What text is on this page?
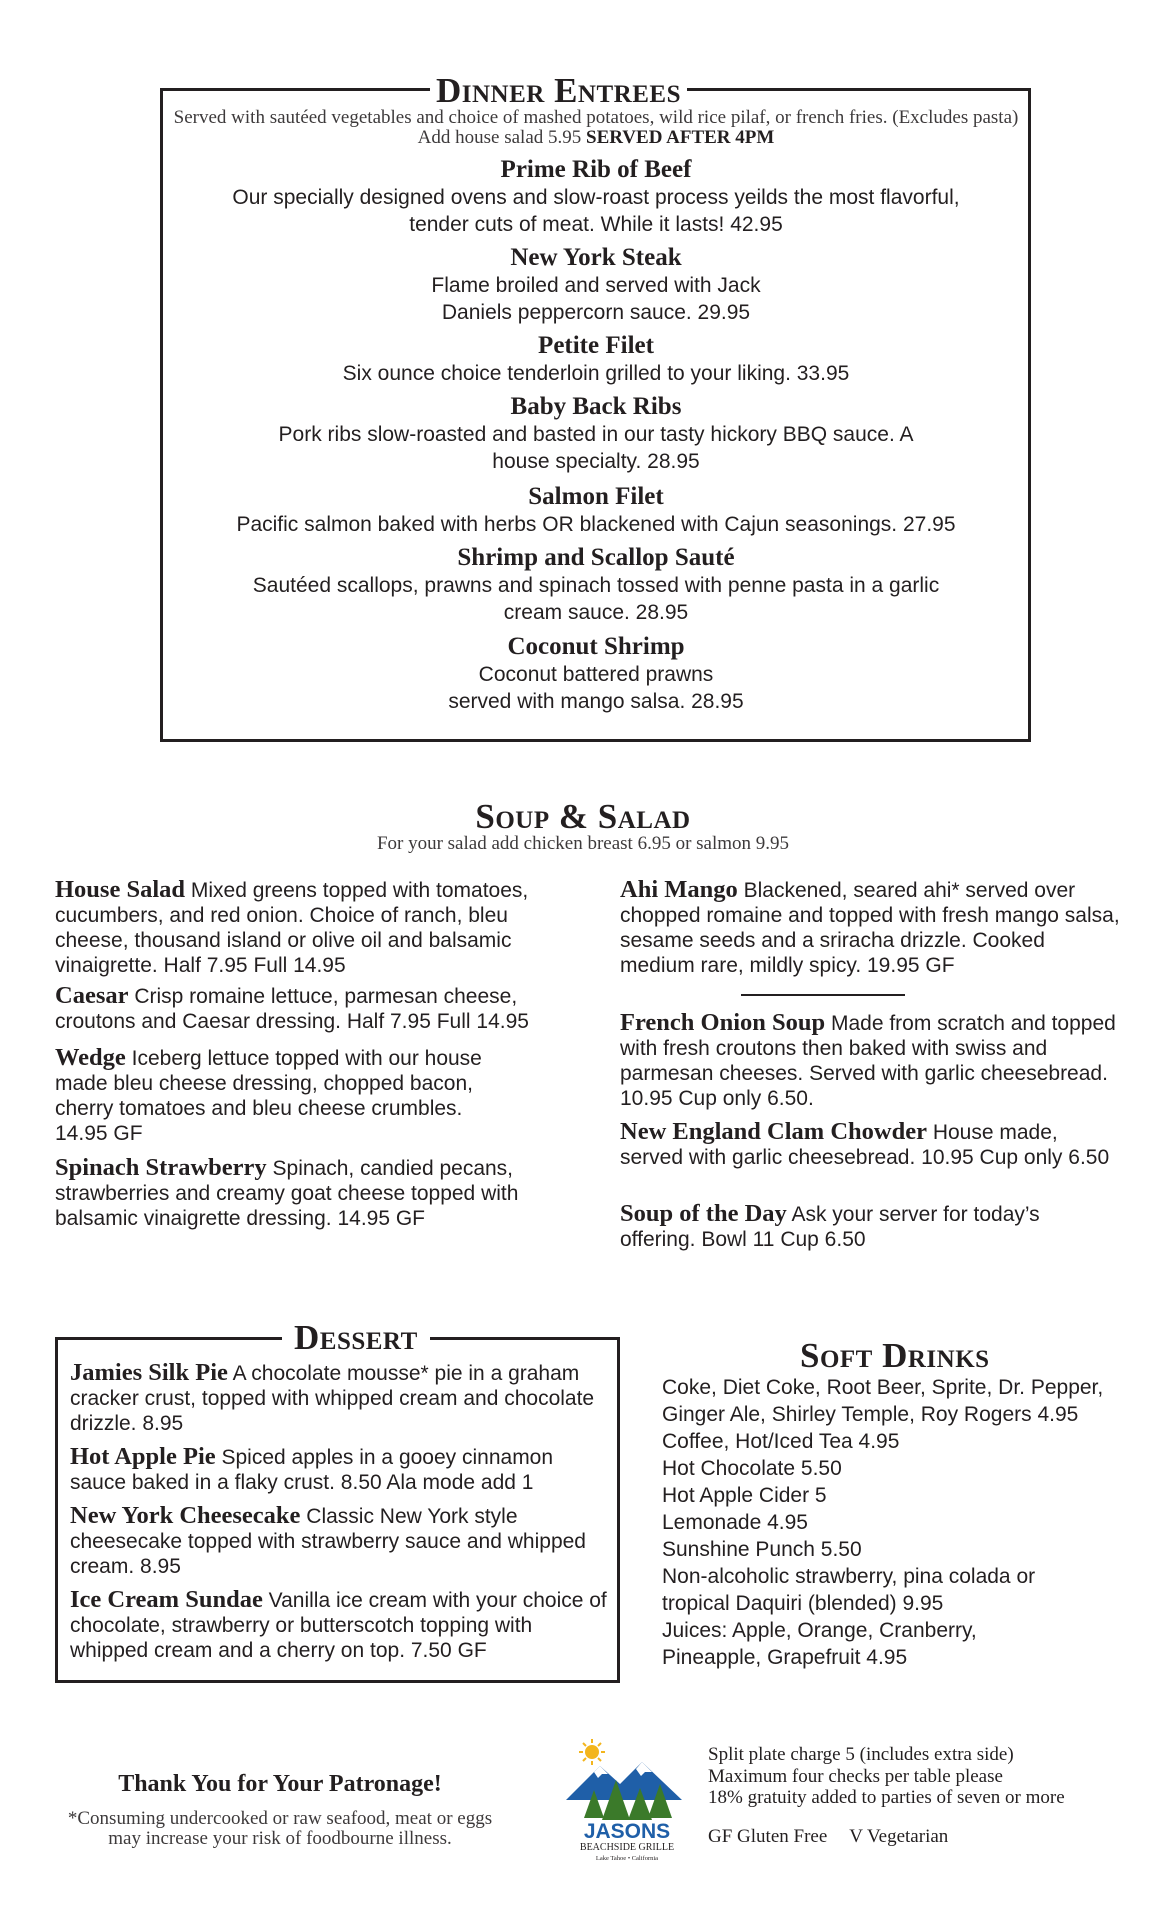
Dinner Entrees
Served with sautéed vegetables and choice of mashed potatoes, wild rice pilaf, or french fries. (Excludes pasta) Add house salad 5.95 SERVED AFTER 4PM
Prime Rib of Beef
Our specially designed ovens and slow-roast process yeilds the most flavorful, tender cuts of meat. While it lasts! 42.95
New York Steak
Flame broiled and served with Jack Daniels peppercorn sauce. 29.95
Petite Filet
Six ounce choice tenderloin grilled to your liking. 33.95
Baby Back Ribs
Pork ribs slow-roasted and basted in our tasty hickory BBQ sauce. A house specialty. 28.95
Salmon Filet
Pacific salmon baked with herbs OR blackened with Cajun seasonings. 27.95
Shrimp and Scallop Sauté
Sautéed scallops, prawns and spinach tossed with penne pasta in a garlic cream sauce. 28.95
Coconut Shrimp
Coconut battered prawns served with mango salsa. 28.95
Soup & Salad
For your salad add chicken breast 6.95 or salmon 9.95
House Salad Mixed greens topped with tomatoes, cucumbers, and red onion. Choice of ranch, bleu cheese, thousand island or olive oil and balsamic vinaigrette. Half 7.95 Full 14.95
Caesar Crisp romaine lettuce, parmesan cheese, croutons and Caesar dressing. Half 7.95 Full 14.95
Wedge Iceberg lettuce topped with our house made bleu cheese dressing, chopped bacon, cherry tomatoes and bleu cheese crumbles. 14.95 GF
Spinach Strawberry Spinach, candied pecans, strawberries and creamy goat cheese topped with balsamic vinaigrette dressing. 14.95 GF
Ahi Mango Blackened, seared ahi* served over chopped romaine and topped with fresh mango salsa, sesame seeds and a sriracha drizzle. Cooked medium rare, mildly spicy. 19.95 GF
French Onion Soup Made from scratch and topped with fresh croutons then baked with swiss and parmesan cheeses. Served with garlic cheesebread. 10.95 Cup only 6.50.
New England Clam Chowder House made, served with garlic cheesebread. 10.95 Cup only 6.50
Soup of the Day Ask your server for today’s offering. Bowl 11 Cup 6.50
Dessert
Jamies Silk Pie A chocolate mousse* pie in a graham cracker crust, topped with whipped cream and chocolate drizzle. 8.95
Hot Apple Pie Spiced apples in a gooey cinnamon sauce baked in a flaky crust. 8.50 Ala mode add 1
New York Cheesecake Classic New York style cheesecake topped with strawberry sauce and whipped cream. 8.95
Ice Cream Sundae Vanilla ice cream with your choice of chocolate, strawberry or butterscotch topping with whipped cream and a cherry on top. 7.50 GF
Soft Drinks
Coke, Diet Coke, Root Beer, Sprite, Dr. Pepper,
Ginger Ale, Shirley Temple, Roy Rogers 4.95
Coffee, Hot/Iced Tea 4.95
Hot Chocolate 5.50
Hot Apple Cider 5
Lemonade 4.95
Sunshine Punch 5.50
Non-alcoholic strawberry, pina colada or
tropical Daquiri (blended) 9.95
Juices: Apple, Orange, Cranberry,
Pineapple, Grapefruit 4.95
Thank You for Your Patronage!
*Consuming undercooked or raw seafood, meat or eggs may increase your risk of foodbourne illness.	JASONS
BEACHSIDE GRILLE
Lake Tahoe • California
Split plate charge 5 (includes extra side)
Maximum four checks per table please
18% gratuity added to parties of seven or more
GF Gluten Free V Vegetarian
